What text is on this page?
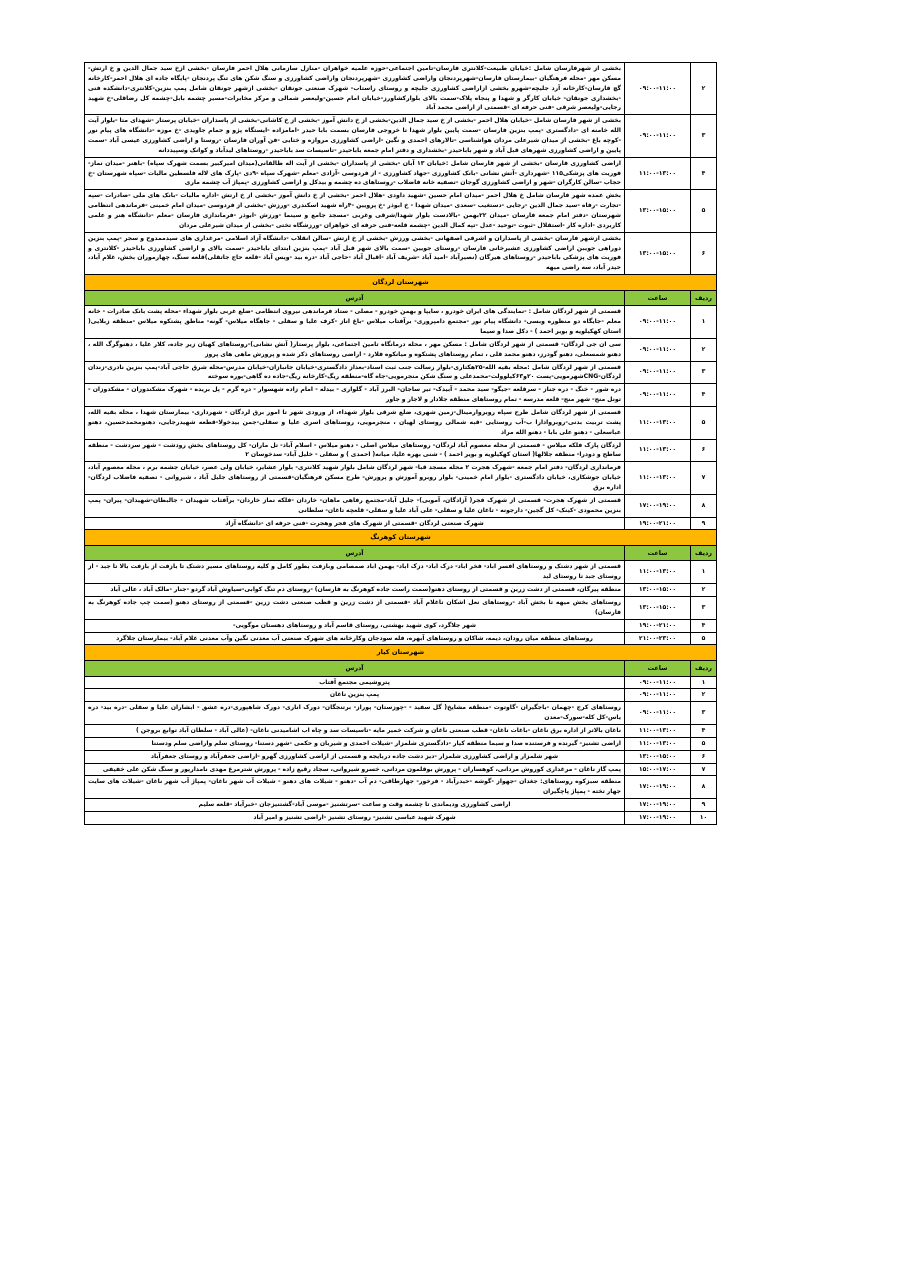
۲	۰۹:۰۰-۱۱:۰۰	بخشی از شهرفارسان شامل :خیابان طبیعت-کلانتری فارسان-تامین اجتماعی-حوزه علمیه خواهران -منازل سازمانی هلال احمر فارسان -بخشی ازخ سید جمال الدین و خ ارتش- مسکن مهر -محله فرهنگیان -بیمارستان فارسان-شهرپردنجان واراضی کشاورزی -شهرپردنجان واراضی کشاورزی و سنگ شکن های تنگ پردنجان -پایگاه جاده ای هلال احمر-کارخانه گچ فارسان-کارخانه آرد جلیچه-شهرو بخشی ازاراضی کشاورزی جلیچه و روستای راستاب- شهرک صنعتی جونقان -بخشی ازشهر جونقان شامل پمپ بنزین-کلانتری-دانشکده فنی -بخشداری جونقان- خیابان کارگر و شهدا و پنجاه پلاک-سمت بالای بلوارکشاورز-خیابان امام حسین-ولیعصر شمالی و مرکز مخابرات-مسیر چشمه بابل-چشمه کل رضاقلی-خ شهید رجایی-ولیعصر شرقی -فنی حرفه ای -قسمتی از اراضی محمد آباد
۳	۰۹:۰۰-۱۱:۰۰	بخشی از شهر فارسان شامل -خیابان هلال احمر -بخشی از خ سید جمال الدین-بخشی از خ دانش آموز -بخشی از خ کاشانی-بخشی از پاسداران -خیابان پرستار -شهدای متا -بلوار آیت الله خامنه ای -دادگستری -پمپ بنزین فارسان -سمت پایین بلوار شهدا تا خروجی فارسان بسمت بابا حیدر -امامزاده -ایستگاه پژو و حمام جاویدی -خ موزه -دانشگاه های پیام نور -کوچه باغ -بخشی از میدان شیرعلی مردان هواشناسی -تالارهای احمدی و نگین -اراضی کشاورزی مروازه و ختایی -فن آوران فارسان -روستا و اراضی کشاورزی عیسی آباد -سمت پایین و اراضی کشاورزی شهرهای قبل آباد و شهر باباحیدر -بخشداری و دفتر امام جمعه باباحیدر -تاسیسات سد باباحیدر -روستاهای لیدآباد و کوانک وسپیددانه
۴	۱۱:۰۰-۱۳:۰۰	اراضی کشاورزی فارسان -بخشی از شهر فارسان شامل :خیابان ۱۳ آبان -بخشی از پاسداران -بخشی از آیت اله طالقانی(میدان امیرکبیر بسمت شهرک سپاه) -باهنر -میدان نماز- فوریت های پزشکی۱۱۵ -شهرداری -آتش نشانی -بانک کشاورزی -جهاد کشاورزی - از فردوسی -آزادی -معلم -شهرک سپاه -۹دی -پارک های لاله فلسطین مالیات -سپاه شهرستان -خ حجاب -سالن کارگران -شهر و اراضی کشاورزی گوجان -تصفیه خانه فاضلاب -روستاهای ده چشمه و بیدکل و اراضی کشاورزی -پمپاژ آب چشمه ماری
۵	۱۳:۰۰-۱۵:۰۰	بخش عمده شهر فارسان شامل خ هلال احمر -میدان امام حسین -شهید داودی -هلال احمر -بخشی از خ دانش آموز -بخشی از خ ارتش -اداره مالیات -بانک های ملی -صادرات -سپه -تجارت -رفاه -سید جمال الدین -رجایی -دستغیب -سعدی -میدان شهدا - خ ابوذر -خ پرویین -۴راه شهید اسکندری -ورزش -بخشی از فردوسی -میدان امام خمینی -فرماندهی انتظامی شهرستان -دفتر امام جمعه فارسان -میدان ۲۲بهمن -بالادست بلوار شهدا/شرقی وغربی -مسجد جامع و سینما -ورزش -ابوذر -فرماندازی فارسان -معلم -دانشگاه هنر و علمی کاربردی -اداره کار -استقلال -ثبوت -توحید -عدل -تپه کمال الدین -چشمه قلعه-فنی حرفه ای خواهران -ورزشگاه تختی -بخشی از میدان شیرعلی مردان
۶	۱۳:۰۰-۱۵:۰۰	بخشی ازشهر فارسان -بخشی از پاسداران و اشرفی اصفهانی -بخشی ورزش -بخشی از خ ارتش -سالن انقلاب -دانشگاه آزاد اسلامی -مرغداری های سیدممدوح و سجر -پمپ بنزین دوراهی جویبن اراضی کشاورزی عشیرخانی فارسان -روستای جویین -سمت بالای شهر قبل آباد -پمپ بنزین ابتدای باباحیدر -سمت بالای و اراضی کشاورزی باباحیدر -کلانتری و فوریت های پزشکی باباحیدر -روستاهای هیرگان (نصیرآباد -امید آباد -شریف آباد -اقبال آباد -حاجی آباد -دره بید -ویس آباد -قلعه حاج جاتقلی)قلعه سنگ، چهارموران بخش، غلام آباد، حیدر آباد، سه راضی میهه
شهرستان لردگان		
ردیف	ساعت	آدرس
۱	۰۹:۰۰-۱۱:۰۰	قسمتی از شهر لردگان شامل : -نمایندگی های ایران خودرو ، سایپا و بهمن خودرو - مصلی - ستاد فرماندهی نیروی انتظامی -ضلع غربی بلوار شهداء -محله پشت بانک صادرات - خانه معلم -جایگاه دو منظوره وبسی- دانشگاه پیام نور -مجتمع دامپروری- برآفتاب میلاس -باغ اناز -کرف علیا و سفلی - جاهگاه میلاس- گونه- مناطق پشتکوه میلاس -منطقه زبلایی( استان کهکیلویه و بویر احمد ) - دکل صدا و سیما
۲	۰۹:۰۰-۱۱:۰۰	سی ان جی لردگان- قسمتی از شهر لردگان شامل : مسکن مهر ، محله درمانگاه تامین اجتماعی، بلوار پرستار( آتش نشانی)-روستاهای کهیان زیر جاده، کلار علیا ، دهنوگرگ الله ، دهنو شمسعلی، دهنو گودرز، دهنو محمد قلی ، تمام روستاهای پشتکوه و میانکوه فلارد - اراضی روستاهای ذکر شده و پرورش ماهی های پروز
۳	۰۹:۰۰-۱۱:۰۰	قسمتی از شهر لردگان شامل :محله بقیه الله-۲۵هکتاری-بلوار رسالت جنب ثبت اسناد-بعداز دادگستری-خیابان جانبازان-خیابان مدرس-محله شرق حاجی آباد-پمپ بنزین نادری-زندان لردگان-CNGشهرمویی-پست ۲۰و۶۳کیلوولت-محمدعلی و سنگ شکن منجرمویی-جاه گاه-منطقه ریگ-کارخانه ریگ-جاده ده گاهی-بوره سوخته
۴	۰۹:۰۰-۱۱:۰۰	دره شور - خنگ - دره جناز - سرقلعه -جیگو- سید محمد - آبیدک- تیر ساجان- البرز آباد - گلواری - بیدله - امام زاده شهسوار - دره گرم - پل بریده - شهرک مشکندوزان - مشکدوزان - تونل منج- شهر منج- قلعه مدرسه - تمام روستاهای منطقه جلادار و لاجار و جاور
۵	۱۱:۰۰-۱۳:۰۰	قسمتی از شهر لردگان شامل طرح سپاه روبروارمینال-زمین شهری، ضلع شرقی بلوار شهداء، از ورودی شهر تا امور برق لردگان - شهرداری- بیمارستان شهدا ، محله بقیه الله، پشت تربیت بدنی-روبروادارا ب-آب روستایی -قبه شمالی روستای لهیان ، منجرمویی، روستاهای اسری علیا و سفلی-جمن بیدخولا-قطعه شهیدرجایی، دهنومحمدحسین، دهنو عباسعلی - دهنو علی بابا - دهنو الله مراد
۶	۱۱:۰۰-۱۳:۰۰	لردگان پارک فلکه میلاس - قسمتی از محله معصوم آباد لردگان- روستاهای میلاس اصلی - دهنو میلاس - اسلام آباد- تل ماران- کل روستاهای بخش رودشت - شهر سردشت - منطقه ساطح و دودرا- منطقه جلالها( استان کهکیلویه و بویر احمد ) - شنی بهره علیا، میانه( احمدی ) و سفلی - خلیل آباد- سدخوسان ۲
۷	۱۱:۰۰-۱۳:۰۰	فرمانداری لردگان- دفتر امام جمعه -شهرک هجرت ۲ محله مسجد قبا- شهر لردگان شامل بلوار شهید کلانتری- بلوار عشایر، خیابان ولی عصر، خیابان جشمه برم ، محله معصوم آباد، خیابان جوشکاری، خیابان دادگستری -بلوار امام خمینی- بلوار روبرو آموزش و پرورش- طرح مسکن فرهنگیان-قسمتی از روستاهای جلیل آباد ، شیروانی - تصفیه فاضلاب لردگان-اداره برق
۸	۱۷:۰۰-۱۹:۰۰	قسمتی از شهرک هجرت- قسمتی از شهرک فجر( آزادگان، آموبی)- جلیل آباد-مجتمع رفاهی ماهان- خاردان -فلکه نماز خاردان- برآفتاب شهیدان - جالبطان-شهیدان- پیران- پمپ بنزین محمودی -کینک- کل گجین- دارجونه - تاغان علیا و سفلی- علی آباد علیا و سفلی- قلعچه تاغان- سلطانی
۹	۱۹:۰۰-۲۱:۰۰	شهرک صنعتی لردگان -قسمتی از شهرک های فجر وهجرت -فنی حرفه ای -دانشگاه آزاد
شهرستان کوهرنگ		
ردیف	ساعت	آدرس
۱	۱۱:۰۰-۱۳:۰۰	قسمتی از شهر دشتک و روستاهای افسر اباد- فخر اباد- درک اباد- دزک اباد- بهمن اباد صمصامی وبازفت بطور کامل و کلیه روستاهای مسیر دشتک تا بازفت از بازفت بالا تا جبد - از روستای جبد تا روستای لبد
۲	۱۳:۰۰-۱۵:۰۰	منطقه پیرگان، قسمتی از دشت زرین و قسمتی از روستای دهنو(سمت راست جاده کوهرنگ به فارسان) -روستای دم تنگ کوابی-سیاوش آباد گردو -جنار -مالک آباد ، عالی آباد
۳	۱۳:۰۰-۱۵:۰۰	روستاهای بخش میهه تا بخش آباد -روستاهای نعل اشکان تاغلام آباد -قسمتی از دشت زرین و قطب صنعتی دشت زرین -قسمتی از روستای دهنو (سمت چپ جاده کوهرنگ به فارسان)
۴	۱۹:۰۰-۲۱:۰۰	شهر جلاگرد، کوی شهید بهشتی، روستای قاسم آباد و روستاهای دهستان موگویی-
۵	۲۱:۰۰-۲۳:۰۰	روستاهای منطقه میان رودان، دیمه، شاکان و روستاهای آبهره، فله سودجان وکارخانه های شهرک صنعتی آب معدنی نگین وآب معدنی غلام آباد- بیمارستان جلاگرد
شهرستان کیار		
ردیف	ساعت	آدرس
۱	۰۹:۰۰-۱۱:۰۰	پتروشیمی مجتمع آفتاب
۲	۰۹:۰۰-۱۱:۰۰	پمپ بنزین ناغان
۳	۰۹:۰۰-۱۱:۰۰	روستاهای کرج -چهمان -باجگیران -گاوتوت -منطقه مشایخ( گل سفید - -چوزستان- پوراز- برتنجگان- دورک اناری- دورک شاهپوری-دره عشق - ابشاران علیا و سفلی -دره بید- دره یاس-کل کله-سورک-معدن
۴	۱۱:۰۰-۱۳:۰۰	ناغان بالاتر از اداره برق ناغان -باغات ناغان- قطب صنعتی ناغان و شرکت خمیر مایه -تاسیسات سد و چاه اب اشامیدنی ناغان- (عالی آباد - سلطان آباد توابع بروجن )
۵	۱۱:۰۰-۱۳:۰۰	اراضی تشنیز- گیرنده و فرستنده صدا و سیما منطقه کیار -دادگستری شلمزار -شیلات احمدی و شیربان و حکمی -شهر دستنا- روستای سلم واراضی سلم ودستنا
۶	۱۳:۰۰-۱۵:۰۰	شهر شلمزار و اراضی کشاورزی شلمزار -دیز دشت جاده دربایجه و قسمتی از اراضی کشاورزی گهرو -اراضی جعفرآباد و روستای جعفرآباد
۷	۱۵:۰۰-۱۷:۰۰	پمپ گاز ناغان - مرغداری کوروش مردانی، کوهساران - پرورش بوقلمون مردانی، خسرو شیروانی، سجاد رقیع زاده - پرورش شترمرغ مهدی نامدارپور و سنگ شکن علی خفیفی
۸	۱۷:۰۰-۱۹:۰۰	منطقه سبزکوه روستاهای: جغدان -جهواز -گوشه -حیدرآباد - فرخور- جهارطاقی- دم آب -دهنو - شیلات های دهنو - شیلات آب شهر ناغان- پمپاژ آب شهر ناغان -شیلات های سایت جهار تخته - پمپاژ پاچگیران
۹	۱۷:۰۰-۱۹:۰۰	اراضی کشاورزی ودیماندی تا چشمه وقت و ساعت -سرتشنیز -موسی آباد-گشتنیزجان -خبرآباد -قلعه سلیم
۱۰	۱۷:۰۰-۱۹:۰۰	شهرک شهید عباسی تشنیز- روستای تشنیز -اراضی تشنیز و امیر آباد
